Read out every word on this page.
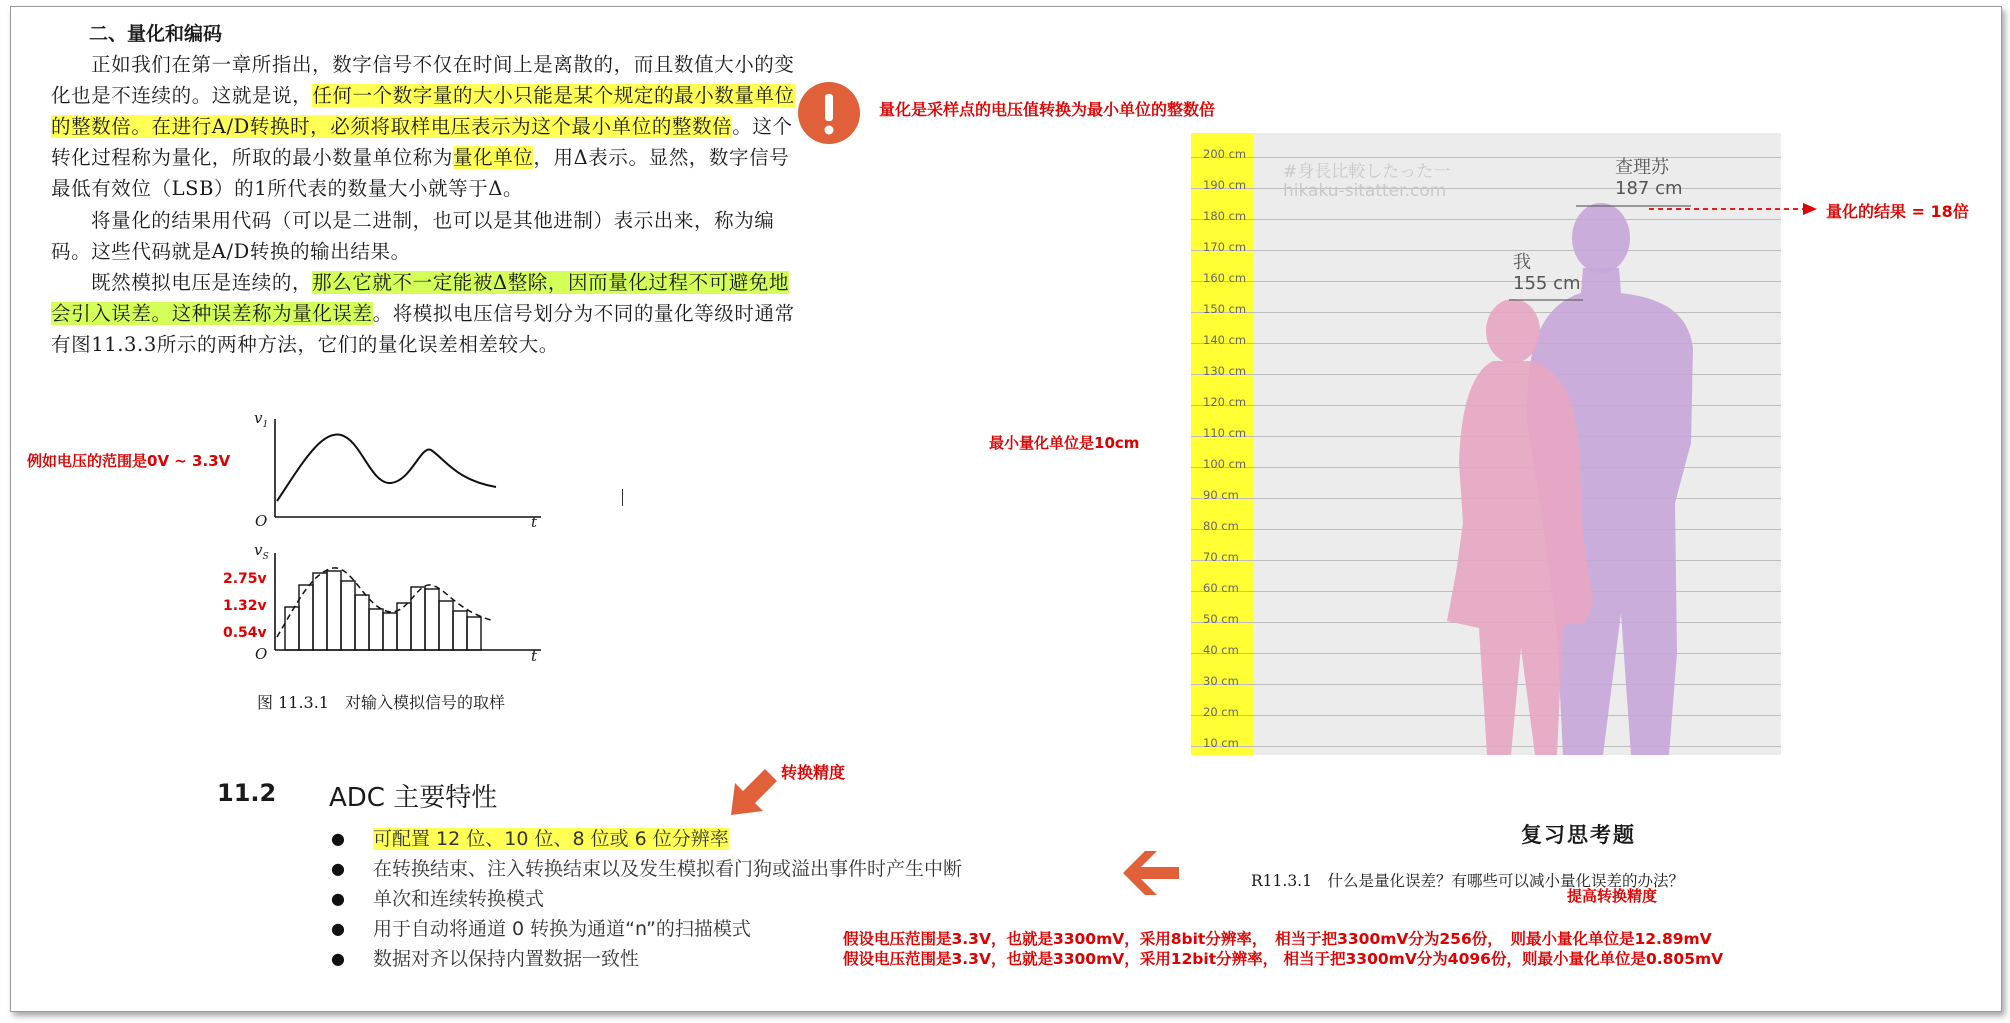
二、量化和编码
正如我们在第一章所指出，数字信号不仅在时间上是离散的，而且数值大小的变化也是不连续的。这就是说，任何一个数字量的大小只能是某个规定的最小数量单位的整数倍。在进行A/D转换时，必须将取样电压表示为这个最小单位的整数倍。这个转化过程称为量化，所取的最小数量单位称为量化单位，用Δ表示。显然，数字信号最低有效位（LSB）的1所代表的数量大小就等于Δ。
将量化的结果用代码（可以是二进制，也可以是其他进制）表示出来，称为编码。这些代码就是A/D转换的输出结果。
既然模拟电压是连续的，那么它就不一定能被Δ整除，因而量化过程不可避免地会引入误差。这种误差称为量化误差。将模拟电压信号划分为不同的量化等级时通常有图11.3.3所示的两种方法，它们的量化误差相差较大。
量化是采样点的电压值转换为最小单位的整数倍
例如电压的范围是0V ~ 3.3V
$v_1$
O	t
$v_S$
O	t
2.75v
1.32v
0.54v
图 11.3.1　对输入模拟信号的取样
最小量化单位是10cm
200 cm
190 cm
180 cm
170 cm
160 cm
150 cm
140 cm
130 cm
120 cm
110 cm
100 cm
90 cm
80 cm
70 cm
60 cm
50 cm
40 cm
30 cm
20 cm
10 cm
#身長比較したった一
hikaku-sitatter.com
查理苏
187 cm
我
155 cm
量化的结果 = 18倍
11.2 ADC 主要特性
● 可配置 12 位、10 位、8 位或 6 位分辨率
● 在转换结束、注入转换结束以及发生模拟看门狗或溢出事件时产生中断
● 单次和连续转换模式
● 用于自动将通道 0 转换为通道“n”的扫描模式
● 数据对齐以保持内置数据一致性
转换精度
复习思考题
R11.3.1　什么是量化误差？有哪些可以减小量化误差的办法？
提高转换精度
假设电压范围是3.3V，也就是3300mV，采用8bit分辨率，　相当于把3300mV分为256份，　则最小量化单位是12.89mV
假设电压范围是3.3V，也就是3300mV，采用12bit分辨率， 相当于把3300mV分为4096份，则最小量化单位是0.805mV
